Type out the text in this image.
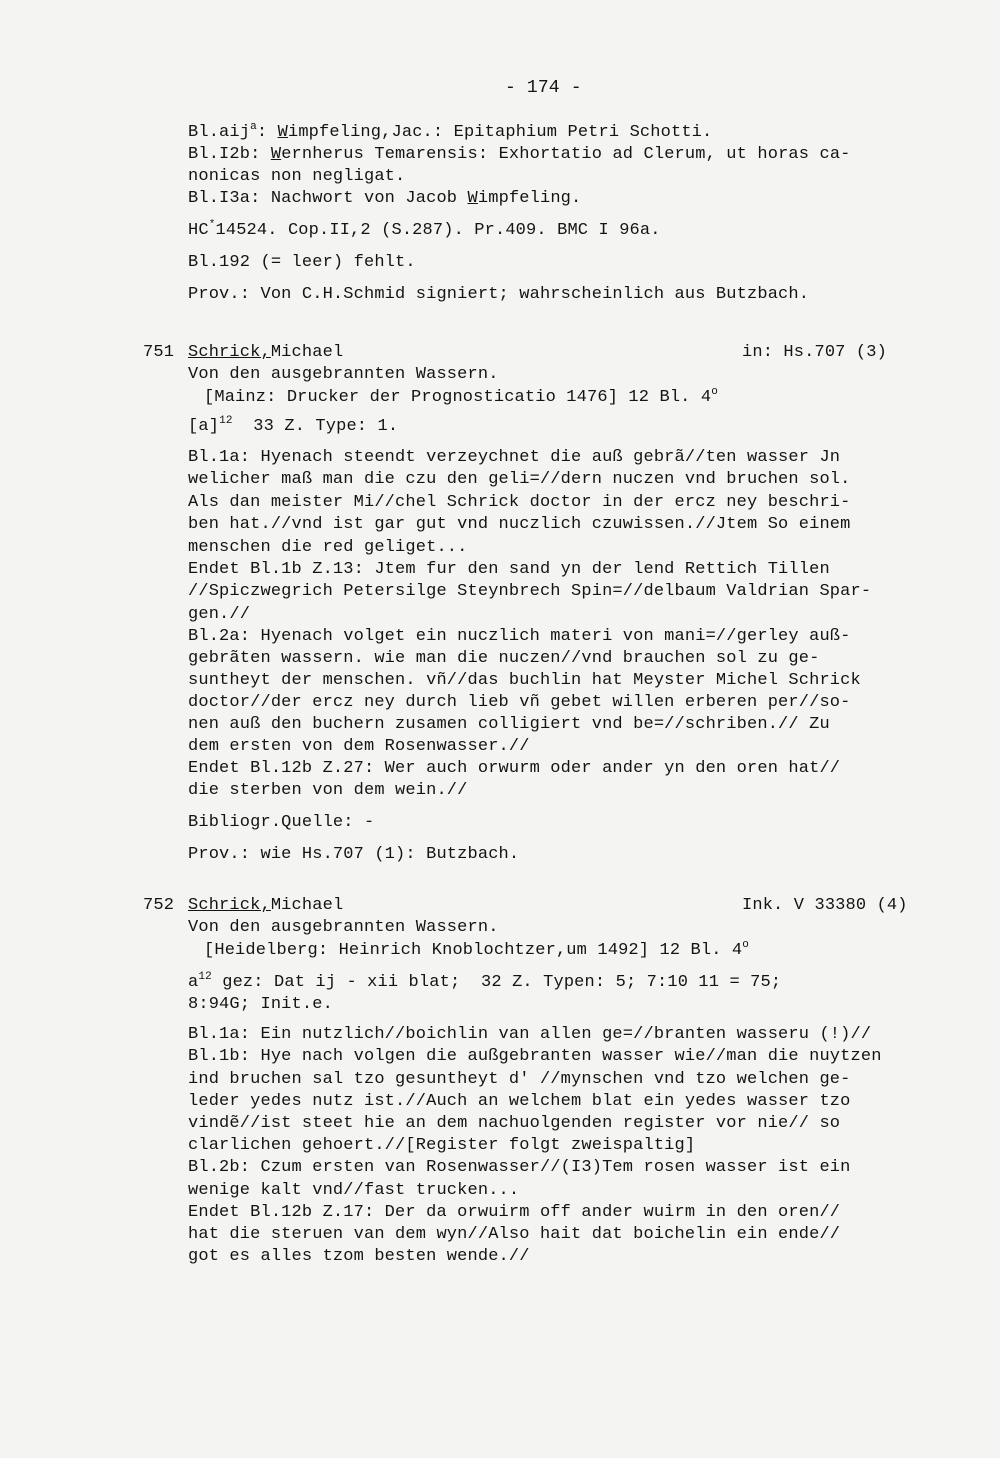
- 174 -
Bl.aij$^a$: Wimpfeling,Jac.: Epitaphium Petri Schotti.
Bl.I2b: Wernherus Temarensis: Exhortatio ad Clerum, ut horas ca-
nonicas non negligat.
Bl.I3a: Nachwort von Jacob Wimpfeling.
HC*14524. Cop.II,2 (S.287). Pr.409. BMC I 96a.
Bl.192 (= leer) fehlt.
Prov.: Von C.H.Schmid signiert; wahrscheinlich aus Butzbach.
751 Schrick,Michael	in: Hs.707 (3)
Von den ausgebrannten Wassern.
[Mainz: Drucker der Prognosticatio 1476] 12 Bl. 4$^o$
$[a]^{12}$  33 Z. Type: 1.
Bl.1a: Hyenach steendt verzeychnet die auß gebrã//ten wasser Jn
welicher maß man die czu den geli=//dern nuczen vnd bruchen sol.
Als dan meister Mi//chel Schrick doctor in der ercz ney beschri-
ben hat.//vnd ist gar gut vnd nuczlich czuwissen.//Jtem So einem
menschen die red geliget...
Endet Bl.1b Z.13: Jtem fur den sand yn der lend Rettich Tillen
//Spiczwegrich Petersilge Steynbrech Spin=//delbaum Valdrian Spar-
gen.//
Bl.2a: Hyenach volget ein nuczlich materi von mani=//gerley auß-
gebrãten wassern. wie man die nuczen//vnd brauchen sol zu ge-
suntheyt der menschen. vñ//das buchlin hat Meyster Michel Schrick
doctor//der ercz ney durch lieb vñ gebet willen erberen per//so-
nen auß den buchern zusamen colligiert vnd be=//schriben.// Zu
dem ersten von dem Rosenwasser.//
Endet Bl.12b Z.27: Wer auch orwurm oder ander yn den oren hat//
die sterben von dem wein.//
Bibliogr.Quelle: -
Prov.: wie Hs.707 (1): Butzbach.
752 Schrick,Michael	Ink. V 33380 (4)
Von den ausgebrannten Wassern.
[Heidelberg: Heinrich Knoblochtzer,um 1492] 12 Bl. 4$^o$
$a^{12}$ gez: Dat ij - xii blat;  32 Z. Typen: 5; 7:10 11 = 75;
8:94G; Init.e.
Bl.1a: Ein nutzlich//boichlin van allen ge=//branten wasseru (!)//
Bl.1b: Hye nach volgen die außgebranten wasser wie//man die nuytzen
ind bruchen sal tzo gesuntheyt d' //mynschen vnd tzo welchen ge-
leder yedes nutz ist.//Auch an welchem blat ein yedes wasser tzo
vindẽ//ist steet hie an dem nachuolgenden register vor nie// so
clarlichen gehoert.//[Register folgt zweispaltig]
Bl.2b: Czum ersten van Rosenwasser//(I3)Tem rosen wasser ist ein
wenige kalt vnd//fast trucken...
Endet Bl.12b Z.17: Der da orwuirm off ander wuirm in den oren//
hat die steruen van dem wyn//Also hait dat boichelin ein ende//
got es alles tzom besten wende.//
